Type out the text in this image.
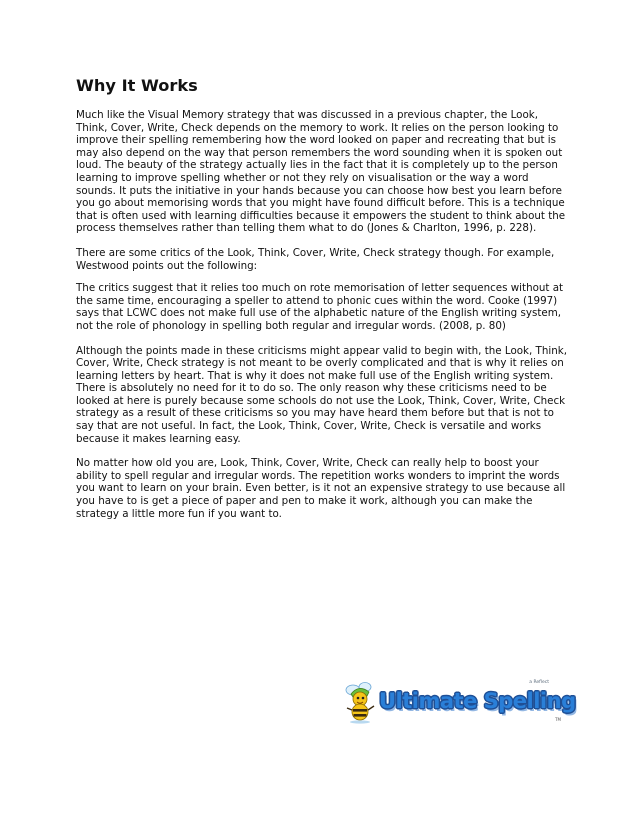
Why It Works

Much like the Visual Memory strategy that was discussed in a previous chapter, the Look, Think, Cover, Write, Check depends on the memory to work. It relies on the person looking to improve their spelling remembering how the word looked on paper and recreating that but is may also depend on the way that person remembers the word sounding when it is spoken out loud. The beauty of the strategy actually lies in the fact that it is completely up to the person learning to improve spelling whether or not they rely on visualisation or the way a word sounds. It puts the initiative in your hands because you can choose how best you learn before you go about memorising words that you might have found difficult before. This is a technique that is often used with learning difficulties because it empowers the student to think about the process themselves rather than telling them what to do (Jones & Charlton, 1996, p. 228).

There are some critics of the Look, Think, Cover, Write, Check strategy though. For example, Westwood points out the following:

The critics suggest that it relies too much on rote memorisation of letter sequences without at the same time, encouraging a speller to attend to phonic cues within the word. Cooke (1997) says that LCWC does not make full use of the alphabetic nature of the English writing system, not the role of phonology in spelling both regular and irregular words. (2008, p. 80)

Although the points made in these criticisms might appear valid to begin with, the Look, Think, Cover, Write, Check strategy is not meant to be overly complicated and that is why it relies on learning letters by heart. That is why it does not make full use of the English writing system. There is absolutely no need for it to do so. The only reason why these criticisms need to be looked at here is purely because some schools do not use the Look, Think, Cover, Write, Check strategy as a result of these criticisms so you may have heard them before but that is not to say that are not useful. In fact, the Look, Think, Cover, Write, Check is versatile and works because it makes learning easy.

No matter how old you are, Look, Think, Cover, Write, Check can really help to boost your ability to spell regular and irregular words. The repetition works wonders to imprint the words you want to learn on your brain. Even better, is it not an expensive strategy to use because all you have to is get a piece of paper and pen to make it work, although you can make the strategy a little more fun if you want to.

a Reflect
Ultimate Spelling
TM
